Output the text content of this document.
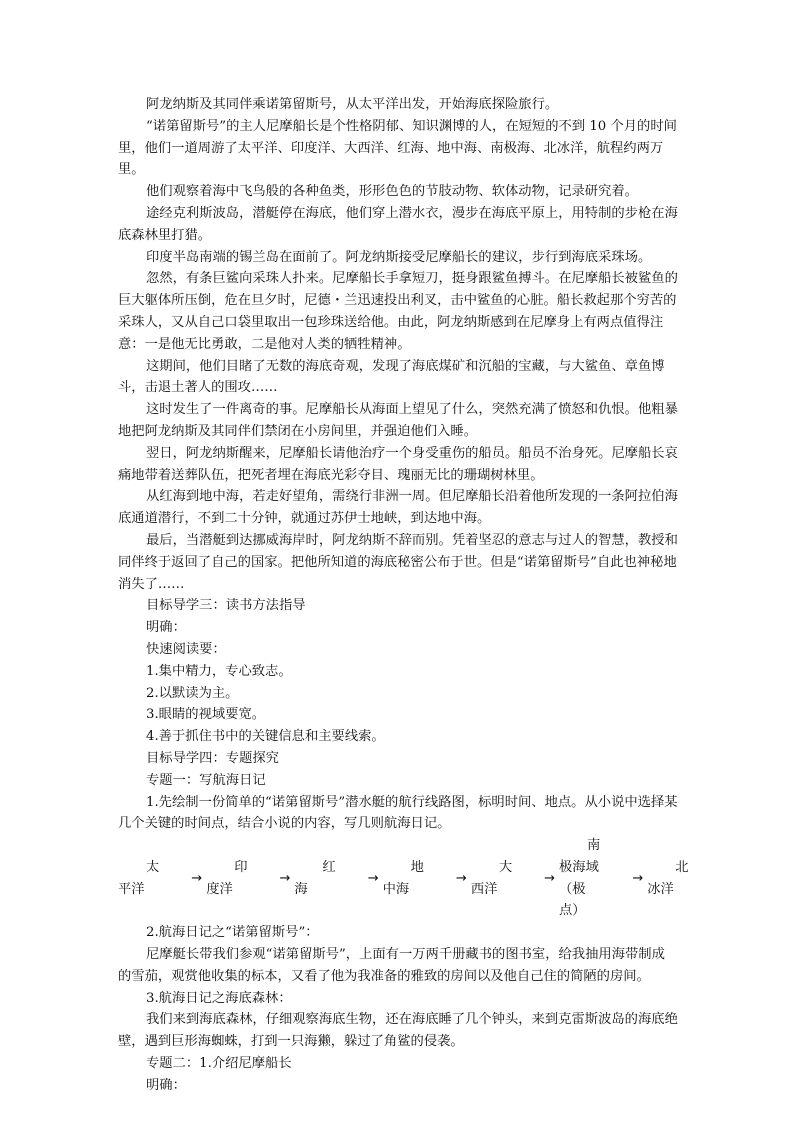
阿龙纳斯及其同伴乘诺第留斯号，从太平洋出发，开始海底探险旅行。

“诺第留斯号”的主人尼摩船长是个性格阴郁、知识渊博的人，在短短的不到 10 个月的时间里，他们一道周游了太平洋、印度洋、大西洋、红海、地中海、南极海、北冰洋，航程约两万里。

他们观察着海中飞鸟般的各种鱼类，形形色色的节肢动物、软体动物，记录研究着。

途经克利斯波岛，潜艇停在海底，他们穿上潜水衣，漫步在海底平原上，用特制的步枪在海底森林里打猎。

印度半岛南端的锡兰岛在面前了。阿龙纳斯接受尼摩船长的建议，步行到海底采珠场。

忽然，有条巨鲨向采珠人扑来。尼摩船长手拿短刀，挺身跟鲨鱼搏斗。在尼摩船长被鲨鱼的巨大躯体所压倒，危在旦夕时，尼德・兰迅速投出利叉，击中鲨鱼的心脏。船长救起那个穷苦的采珠人，又从自己口袋里取出一包珍珠送给他。由此，阿龙纳斯感到在尼摩身上有两点值得注意：一是他无比勇敢，二是他对人类的牺牲精神。

这期间，他们目睹了无数的海底奇观，发现了海底煤矿和沉船的宝藏，与大鲨鱼、章鱼博斗，击退土著人的围攻……

这时发生了一件离奇的事。尼摩船长从海面上望见了什么，突然充满了愤怒和仇恨。他粗暴地把阿龙纳斯及其同伴们禁闭在小房间里，并强迫他们入睡。

翌日，阿龙纳斯醒来，尼摩船长请他治疗一个身受重伤的船员。船员不治身死。尼摩船长哀痛地带着送葬队伍，把死者埋在海底光彩夺目、瑰丽无比的珊瑚树林里。

从红海到地中海，若走好望角，需绕行非洲一周。但尼摩船长沿着他所发现的一条阿拉伯海底通道潜行，不到二十分钟，就通过苏伊士地峡，到达地中海。

最后，当潜艇到达挪威海岸时，阿龙纳斯不辞而别。凭着坚忍的意志与过人的智慧，教授和同伴终于返回了自己的国家。把他所知道的海底秘密公布于世。但是“诺第留斯号”自此也神秘地消失了……

目标导学三：读书方法指导

明确：

快速阅读要：

1.集中精力，专心致志。

2.以默读为主。

3.眼睛的视域要宽。

4.善于抓住书中的关键信息和主要线索。

目标导学四：专题探究

专题一：写航海日记

1.先绘制一份简单的“诺第留斯号”潜水艇的航行线路图，标明时间、地点。从小说中选择某几个关键的时间点，结合小说的内容，写几则航海日记。

太平洋
→
印度洋
→
红海
→
地中海
→
大西洋
→
南极海域（极点）
→
北冰洋

2.航海日记之“诺第留斯号”：

尼摩艇长带我们参观“诺第留斯号”，上面有一万两千册藏书的图书室，给我抽用海带制成的雪茄，观赏他收集的标本，又看了他为我准备的雅致的房间以及他自己住的简陋的房间。

3.航海日记之海底森林：

我们来到海底森林，仔细观察海底生物，还在海底睡了几个钟头，来到克雷斯波岛的海底绝壁，遇到巨形海蜘蛛，打到一只海獭，躲过了角鲨的侵袭。

专题二：1.介绍尼摩船长

明确：
